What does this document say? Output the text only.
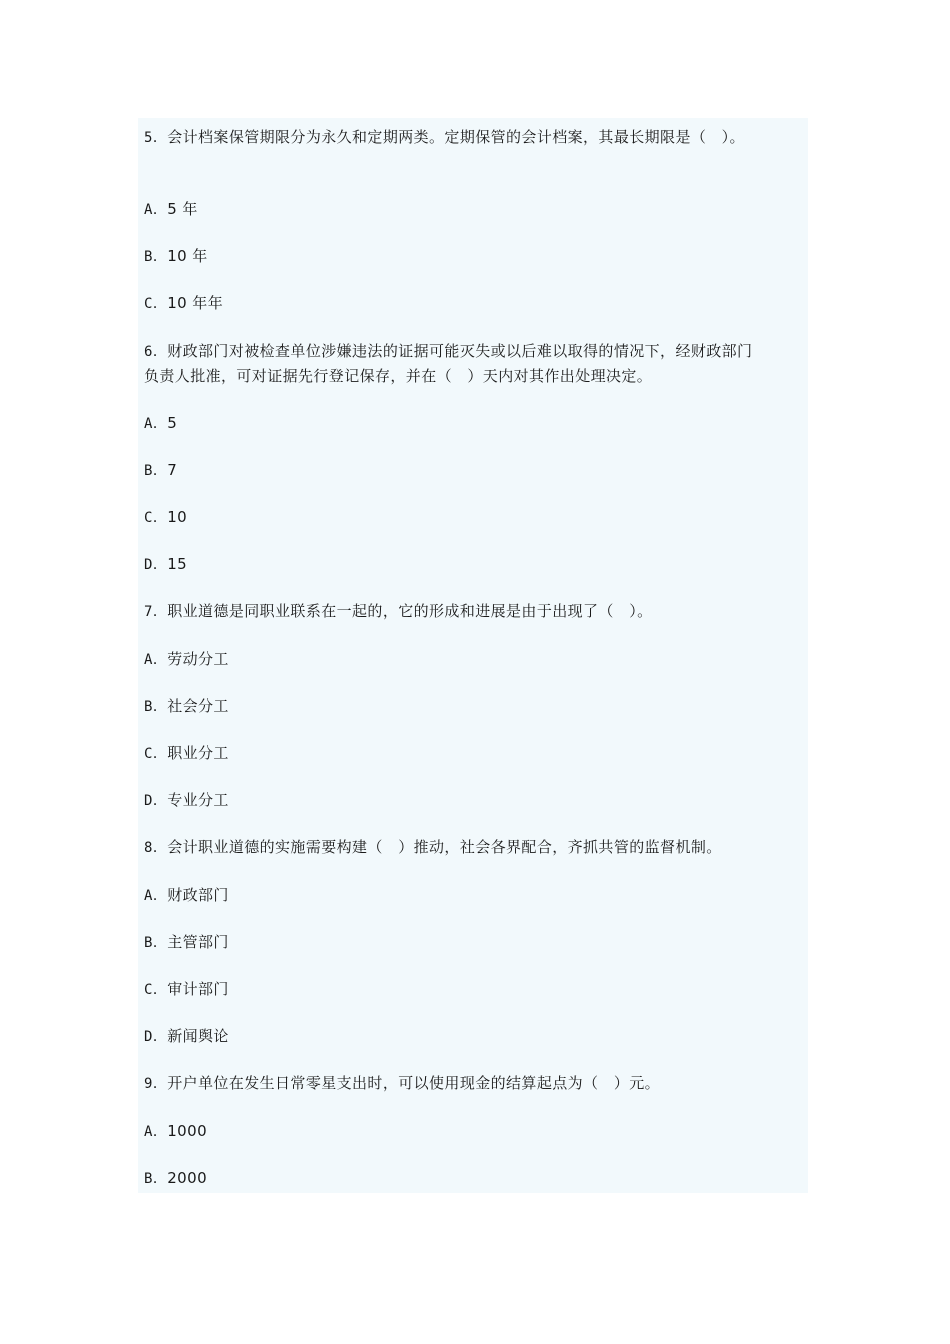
5．会计档案保管期限分为永久和定期两类。定期保管的会计档案，其最长期限是（　）。
A．5 年
B．10 年
C．10 年年
6．财政部门对被检查单位涉嫌违法的证据可能灭失或以后难以取得的情况下，经财政部门
负责人批准，可对证据先行登记保存，并在（　）天内对其作出处理决定。
A．5
B．7
C．10
D．15
7．职业道德是同职业联系在一起的，它的形成和进展是由于出现了（　）。
A．劳动分工
B．社会分工
C．职业分工
D．专业分工
8．会计职业道德的实施需要构建（　）推动，社会各界配合，齐抓共管的监督机制。
A．财政部门
B．主管部门
C．审计部门
D．新闻舆论
9．开户单位在发生日常零星支出时，可以使用现金的结算起点为（　）元。
A．1000
B．2000
